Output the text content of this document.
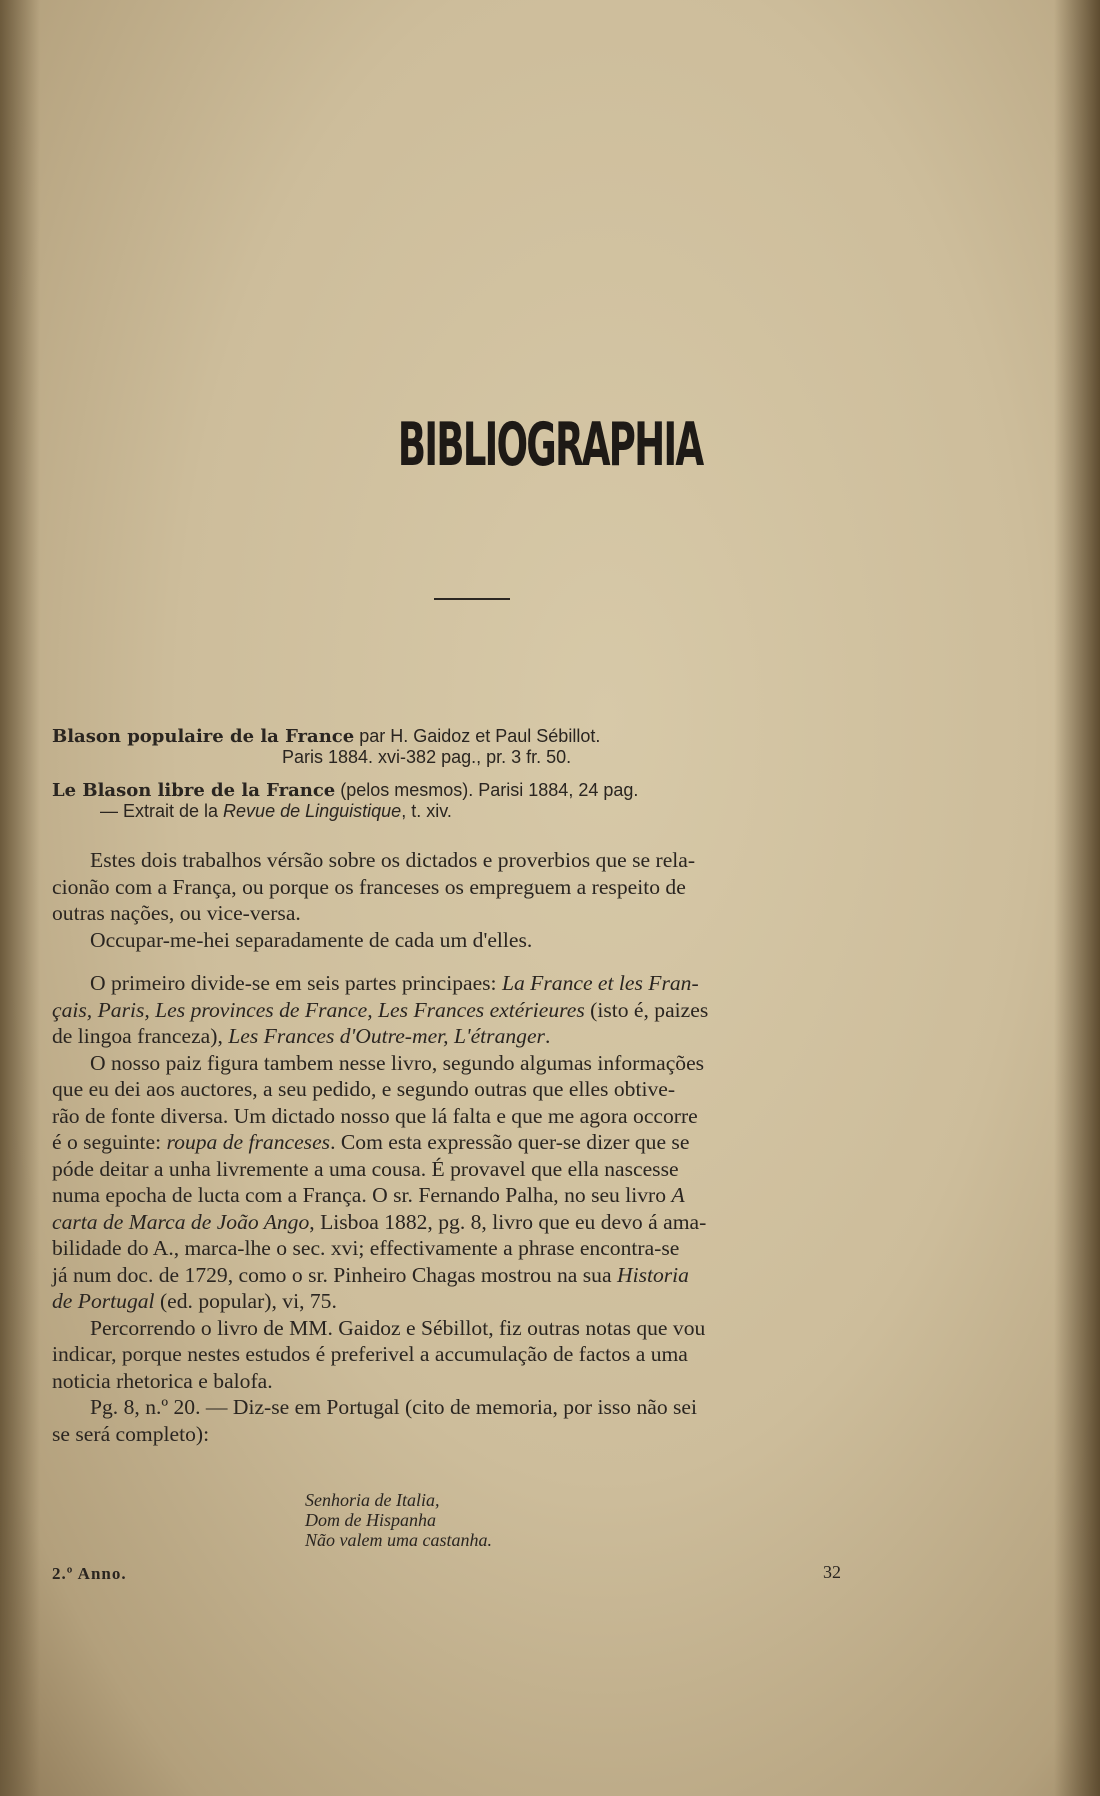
BIBLIOGRAPHIA
Blason populaire de la France par H. Gaidoz et Paul Sébillot.
Paris 1884. xvi-382 pag., pr. 3 fr. 50.
Le Blason libre de la France (pelos mesmos). Parisi 1884, 24 pag.
— Extrait de la Revue de Linguistique, t. xiv.

Estes dois trabalhos vérsão sobre os dictados e proverbios que se rela-
cionão com a França, ou porque os franceses os empreguem a respeito de
outras nações, ou vice-versa.

Occupar-me-hei separadamente de cada um d'elles.

O primeiro divide-se em seis partes principaes: La France et les Fran-
çais, Paris, Les provinces de France, Les Frances extérieures (isto é, paizes
de lingoa franceza), Les Frances d'Outre-mer, L'étranger.

O nosso paiz figura tambem nesse livro, segundo algumas informações
que eu dei aos auctores, a seu pedido, e segundo outras que elles obtive-
rão de fonte diversa. Um dictado nosso que lá falta e que me agora occorre
é o seguinte: roupa de franceses. Com esta expressão quer-se dizer que se
póde deitar a unha livremente a uma cousa. É provavel que ella nascesse
numa epocha de lucta com a França. O sr. Fernando Palha, no seu livro A
carta de Marca de João Ango, Lisboa 1882, pg. 8, livro que eu devo á ama-
bilidade do A., marca-lhe o sec. xvi; effectivamente a phrase encontra-se
já num doc. de 1729, como o sr. Pinheiro Chagas mostrou na sua Historia
de Portugal (ed. popular), vi, 75.

Percorrendo o livro de MM. Gaidoz e Sébillot, fiz outras notas que vou
indicar, porque nestes estudos é preferivel a accumulação de factos a uma
noticia rhetorica e balofa.

Pg. 8, n.º 20. — Diz-se em Portugal (cito de memoria, por isso não sei
se será completo):

Senhoria de Italia,
Dom de Hispanha
Não valem uma castanha.
2.º Anno.	32
